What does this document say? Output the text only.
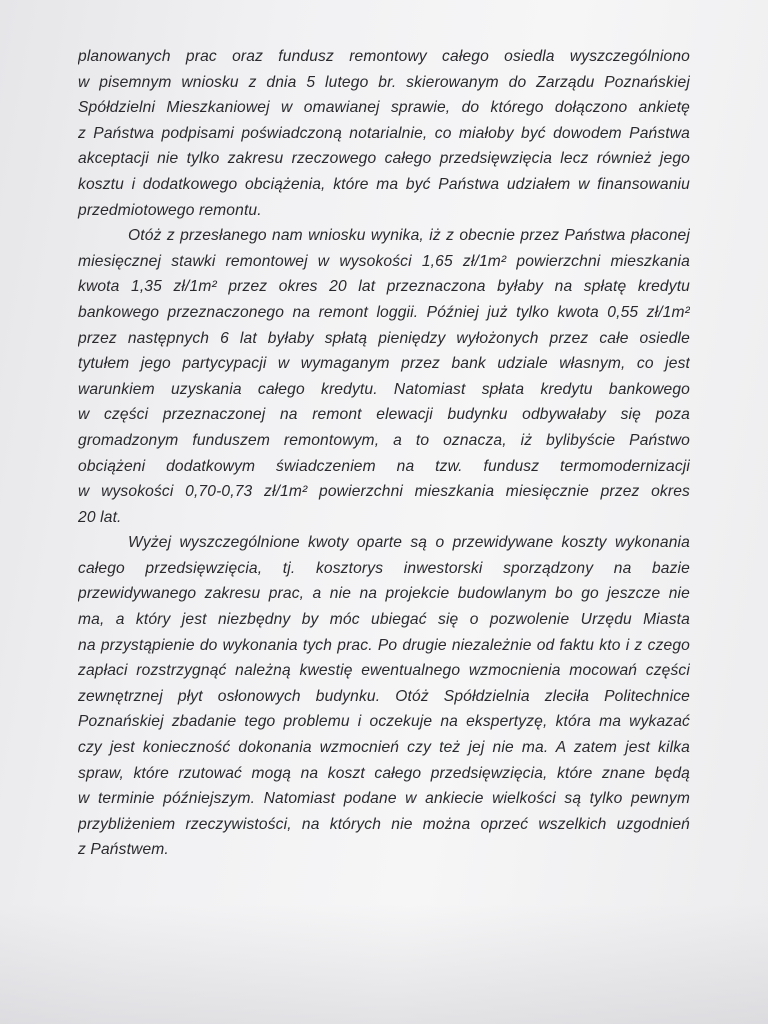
planowanych prac oraz fundusz remontowy całego osiedla wyszczególniono
w pisemnym wniosku z dnia 5 lutego br. skierowanym do Zarządu Poznańskiej
Spółdzielni Mieszkaniowej w omawianej sprawie, do którego dołączono ankietę
z Państwa podpisami poświadczoną notarialnie, co miałoby być dowodem Państwa
akceptacji nie tylko zakresu rzeczowego całego przedsięwzięcia lecz również jego
kosztu i dodatkowego obciążenia, które ma być Państwa udziałem w finansowaniu
przedmiotowego remontu.
Otóż z przesłanego nam wniosku wynika, iż z obecnie przez Państwa płaconej
miesięcznej stawki remontowej w wysokości 1,65 zł/1m² powierzchni mieszkania
kwota 1,35 zł/1m² przez okres 20 lat przeznaczona byłaby na spłatę kredytu
bankowego przeznaczonego na remont loggii. Później już tylko kwota 0,55 zł/1m²
przez następnych 6 lat byłaby spłatą pieniędzy wyłożonych przez całe osiedle
tytułem jego partycypacji w wymaganym przez bank udziale własnym, co jest
warunkiem uzyskania całego kredytu. Natomiast spłata kredytu bankowego
w części przeznaczonej na remont elewacji budynku odbywałaby się poza
gromadzonym funduszem remontowym, a to oznacza, iż bylibyście Państwo
obciążeni dodatkowym świadczeniem na tzw. fundusz termomodernizacji
w wysokości 0,70-0,73 zł/1m² powierzchni mieszkania miesięcznie przez okres
20 lat.
Wyżej wyszczególnione kwoty oparte są o przewidywane koszty wykonania
całego przedsięwzięcia, tj. kosztorys inwestorski sporządzony na bazie
przewidywanego zakresu prac, a nie na projekcie budowlanym bo go jeszcze nie
ma, a który jest niezbędny by móc ubiegać się o pozwolenie Urzędu Miasta
na przystąpienie do wykonania tych prac. Po drugie niezależnie od faktu kto i z czego
zapłaci rozstrzygnąć należną kwestię ewentualnego wzmocnienia mocowań części
zewnętrznej płyt osłonowych budynku. Otóż Spółdzielnia zleciła Politechnice
Poznańskiej zbadanie tego problemu i oczekuje na ekspertyzę, która ma wykazać
czy jest konieczność dokonania wzmocnień czy też jej nie ma. A zatem jest kilka
spraw, które rzutować mogą na koszt całego przedsięwzięcia, które znane będą
w terminie późniejszym. Natomiast podane w ankiecie wielkości są tylko pewnym
przybliżeniem rzeczywistości, na których nie można oprzeć wszelkich uzgodnień
z Państwem.
